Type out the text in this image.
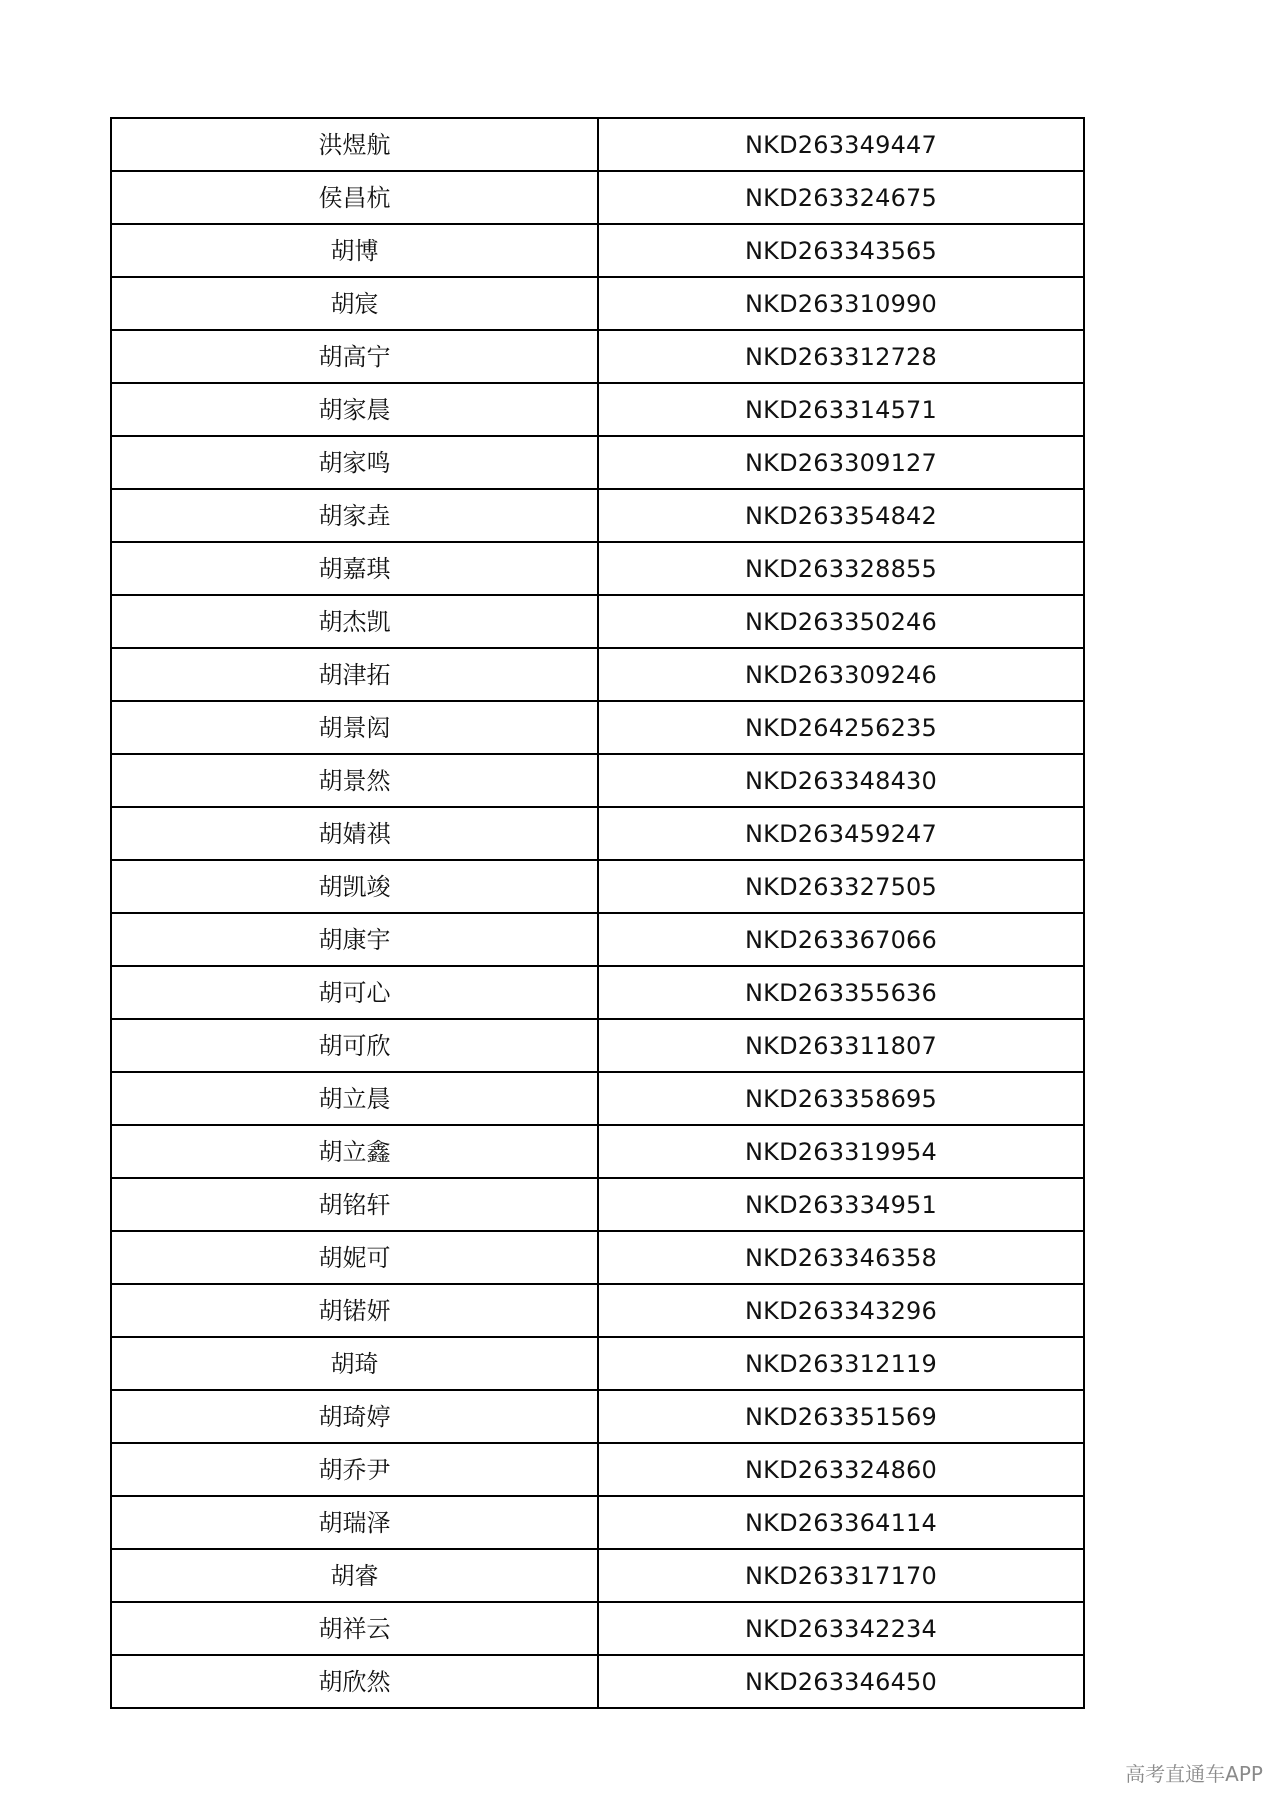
洪煜航	NKD263349447
侯昌杭	NKD263324675
胡博	NKD263343565
胡宸	NKD263310990
胡高宁	NKD263312728
胡家晨	NKD263314571
胡家鸣	NKD263309127
胡家垚	NKD263354842
胡嘉琪	NKD263328855
胡杰凯	NKD263350246
胡津拓	NKD263309246
胡景闳	NKD264256235
胡景然	NKD263348430
胡婧祺	NKD263459247
胡凯竣	NKD263327505
胡康宇	NKD263367066
胡可心	NKD263355636
胡可欣	NKD263311807
胡立晨	NKD263358695
胡立鑫	NKD263319954
胡铭轩	NKD263334951
胡妮可	NKD263346358
胡锘妍	NKD263343296
胡琦	NKD263312119
胡琦婷	NKD263351569
胡乔尹	NKD263324860
胡瑞泽	NKD263364114
胡睿	NKD263317170
胡祥云	NKD263342234
胡欣然	NKD263346450
高考直通车APP
